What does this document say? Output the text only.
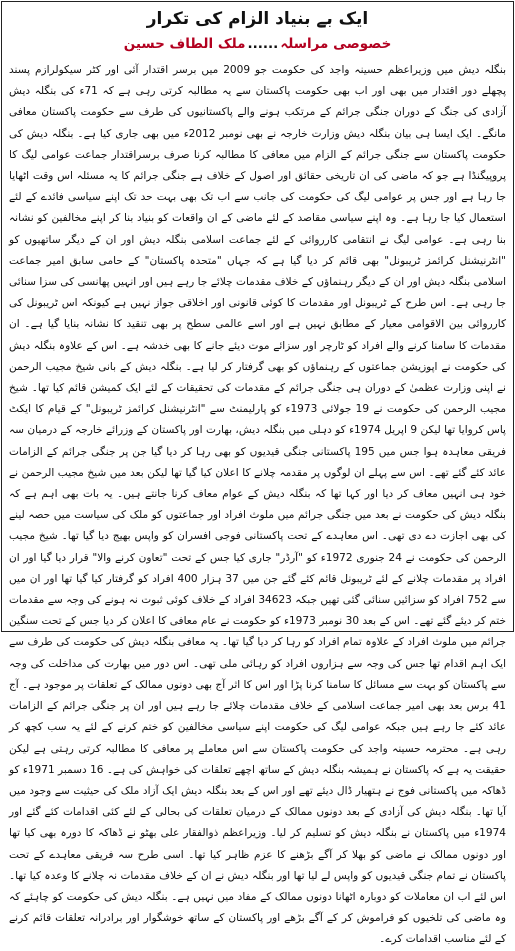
ایک بے بنیاد الزام کی تکرار
خصوصی مراسلہ......ملک الطاف حسین

بنگلہ دیش میں وزیراعظم حسینہ واجد کی حکومت جو 2009 میں برسر اقتدار آئی اور کٹر سیکولرازم پسند پچھلے دور اقتدار میں بھی اور اب بھی حکومت پاکستان سے یہ مطالبہ کرتی رہی ہے کہ 71ء کی بنگلہ دیش آزادی کی جنگ کے دوران جنگی جرائم کے مرتکب ہونے والے پاکستانیوں کی طرف سے حکومت پاکستان معافی مانگے۔ ایک ایسا ہی بیان بنگلہ دیش وزارت خارجہ نے بھی نومبر 2012ء میں بھی جاری کیا ہے۔ بنگلہ دیش کی حکومت پاکستان سے جنگی جرائم کے الزام میں معافی کا مطالبہ کرنا صرف برسراقتدار جماعت عوامی لیگ کا پروپیگنڈا ہے جو کہ ماضی کی ان تاریخی حقائق اور اصول کے خلاف ہے جنگی جرائم کا یہ مسئلہ اس وقت اٹھایا جا رہا ہے اور جس پر عوامی لیگ کی حکومت کی جانب سے اب تک بھی بہت حد تک اپنے سیاسی فائدے کے لئے استعمال کیا جا رہا ہے۔ وہ اپنے سیاسی مقاصد کے لئے ماضی کے ان واقعات کو بنیاد بنا کر اپنے مخالفین کو نشانہ بنا رہی ہے۔ عوامی لیگ نے انتقامی کارروائی کے لئے جماعت اسلامی بنگلہ دیش اور ان کے دیگر ساتھیوں کو "انٹرنیشنل کرائمز ٹریبونل" بھی قائم کر دیا گیا ہے کہ جہاں "متحدہ پاکستان" کے حامی سابق امیر جماعت اسلامی بنگلہ دیش اور ان کے دیگر رہنماؤں کے خلاف مقدمات چلائے جا رہے ہیں اور انہیں پھانسی کی سزا سنائی جا رہی ہے۔ اس طرح کے ٹریبونل اور مقدمات کا کوئی قانونی اور اخلاقی جواز نہیں ہے کیونکہ اس ٹریبونل کی کارروائی بین الاقوامی معیار کے مطابق نہیں ہے اور اسے عالمی سطح پر بھی تنقید کا نشانہ بنایا گیا ہے۔ ان مقدمات کا سامنا کرنے والے افراد کو ٹارچر اور سزائے موت دیئے جانے کا بھی خدشہ ہے۔ اس کے علاوہ بنگلہ دیش کی حکومت نے اپوزیشن جماعتوں کے رہنماؤں کو بھی گرفتار کر لیا ہے۔ بنگلہ دیش کے بانی شیخ مجیب الرحمن نے اپنی وزارت عظمیٰ کے دوران ہی جنگی جرائم کے مقدمات کی تحقیقات کے لئے ایک کمیشن قائم کیا تھا۔ شیخ مجیب الرحمن کی حکومت نے 19 جولائی 1973ء کو پارلیمنٹ سے "انٹرنیشنل کرائمز ٹریبونل" کے قیام کا ایکٹ پاس کروایا تھا لیکن 9 اپریل 1974ء کو دہلی میں بنگلہ دیش، بھارت اور پاکستان کے وزرائے خارجہ کے درمیان سہ فریقی معاہدہ ہوا جس میں 195 پاکستانی جنگی قیدیوں کو بھی رہا کر دیا گیا جن پر جنگی جرائم کے الزامات عائد کئے گئے تھے۔ اس سے پہلے ان لوگوں پر مقدمہ چلانے کا اعلان کیا گیا تھا لیکن بعد میں شیخ مجیب الرحمن نے خود ہی انہیں معاف کر دیا اور کہا تھا کہ بنگلہ دیش کے عوام معاف کرنا جانتے ہیں۔ یہ بات بھی اہم ہے کہ بنگلہ دیش کی حکومت نے بعد میں جنگی جرائم میں ملوث افراد اور جماعتوں کو ملک کی سیاست میں حصہ لینے کی بھی اجازت دے دی تھی۔ اس معاہدے کے تحت پاکستانی فوجی افسران کو واپس بھیج دیا گیا تھا۔ شیخ مجیب الرحمن کی حکومت نے 24 جنوری 1972ء کو "آرڈر" جاری کیا جس کے تحت "تعاون کرنے والا" قرار دیا گیا اور ان افراد پر مقدمات چلانے کے لئے ٹریبونل قائم کئے گئے جن میں 37 ہزار 400 افراد کو گرفتار کیا گیا تھا اور ان میں سے 752 افراد کو سزائیں سنائی گئی تھیں جبکہ 34623 افراد کے خلاف کوئی ثبوت نہ ہونے کی وجہ سے مقدمات ختم کر دیئے گئے تھے۔ اس کے بعد 30 نومبر 1973ء کو حکومت نے عام معافی کا اعلان کر دیا جس کے تحت سنگین جرائم میں ملوث افراد کے علاوہ تمام افراد کو رہا کر دیا گیا تھا۔ یہ معافی بنگلہ دیش کی حکومت کی طرف سے ایک اہم اقدام تھا جس کی وجہ سے ہزاروں افراد کو رہائی ملی تھی۔ اس دور میں بھارت کی مداخلت کی وجہ سے پاکستان کو بہت سے مسائل کا سامنا کرنا پڑا اور اس کا اثر آج بھی دونوں ممالک کے تعلقات پر موجود ہے۔ آج 41 برس بعد بھی امیر جماعت اسلامی کے خلاف مقدمات چلائے جا رہے ہیں اور ان پر جنگی جرائم کے الزامات عائد کئے جا رہے ہیں جبکہ عوامی لیگ کی حکومت اپنے سیاسی مخالفین کو ختم کرنے کے لئے یہ سب کچھ کر رہی ہے۔ محترمہ حسینہ واجد کی حکومت پاکستان سے اس معاملے پر معافی کا مطالبہ کرتی رہتی ہے لیکن حقیقت یہ ہے کہ پاکستان نے ہمیشہ بنگلہ دیش کے ساتھ اچھے تعلقات کی خواہش کی ہے۔ 16 دسمبر 1971ء کو ڈھاکہ میں پاکستانی فوج نے ہتھیار ڈال دیئے تھے اور اس کے بعد بنگلہ دیش ایک آزاد ملک کی حیثیت سے وجود میں آیا تھا۔ بنگلہ دیش کی آزادی کے بعد دونوں ممالک کے درمیان تعلقات کی بحالی کے لئے کئی اقدامات کئے گئے اور 1974ء میں پاکستان نے بنگلہ دیش کو تسلیم کر لیا۔ وزیراعظم ذوالفقار علی بھٹو نے ڈھاکہ کا دورہ بھی کیا تھا اور دونوں ممالک نے ماضی کو بھلا کر آگے بڑھنے کا عزم ظاہر کیا تھا۔ اسی طرح سہ فریقی معاہدے کے تحت پاکستان نے تمام جنگی قیدیوں کو واپس لے لیا تھا اور بنگلہ دیش نے ان کے خلاف مقدمات نہ چلانے کا وعدہ کیا تھا۔ اس لئے اب ان معاملات کو دوبارہ اٹھانا دونوں ممالک کے مفاد میں نہیں ہے۔ بنگلہ دیش کی حکومت کو چاہئے کہ وہ ماضی کی تلخیوں کو فراموش کر کے آگے بڑھے اور پاکستان کے ساتھ خوشگوار اور برادرانہ تعلقات قائم کرنے کے لئے مناسب اقدامات کرے۔
